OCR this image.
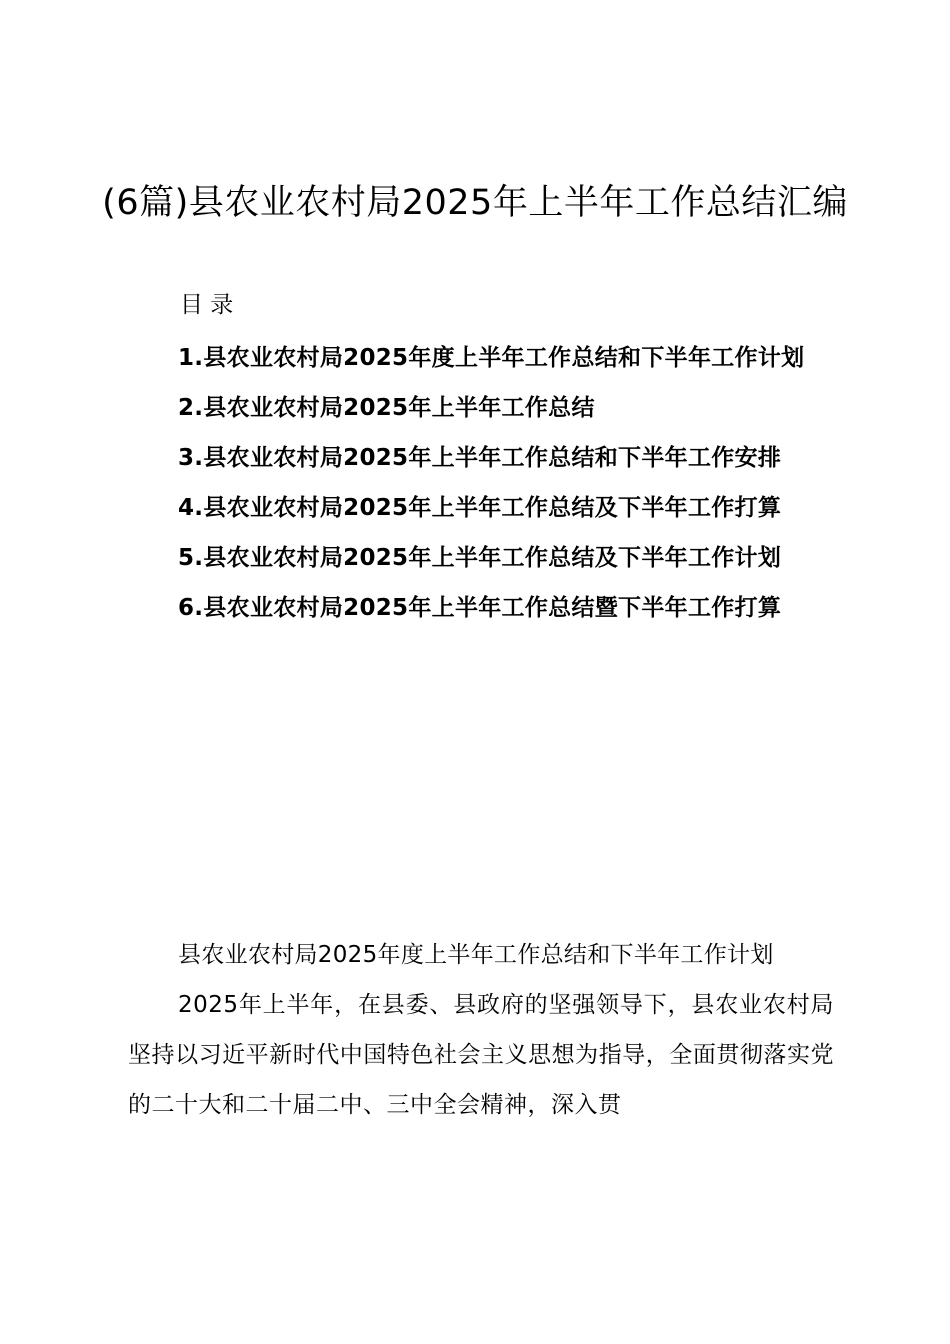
(6篇)县农业农村局2025年上半年工作总结汇编

目 录

1.县农业农村局2025年度上半年工作总结和下半年工作计划
2.县农业农村局2025年上半年工作总结
3.县农业农村局2025年上半年工作总结和下半年工作安排
4.县农业农村局2025年上半年工作总结及下半年工作打算
5.县农业农村局2025年上半年工作总结及下半年工作计划
6.县农业农村局2025年上半年工作总结暨下半年工作打算

县农业农村局2025年度上半年工作总结和下半年工作计划

2025年上半年，在县委、县政府的坚强领导下，县农业农村局坚持以习近平新时代中国特色社会主义思想为指导，全面贯彻落实党的二十大和二十届二中、三中全会精神，深入贯
